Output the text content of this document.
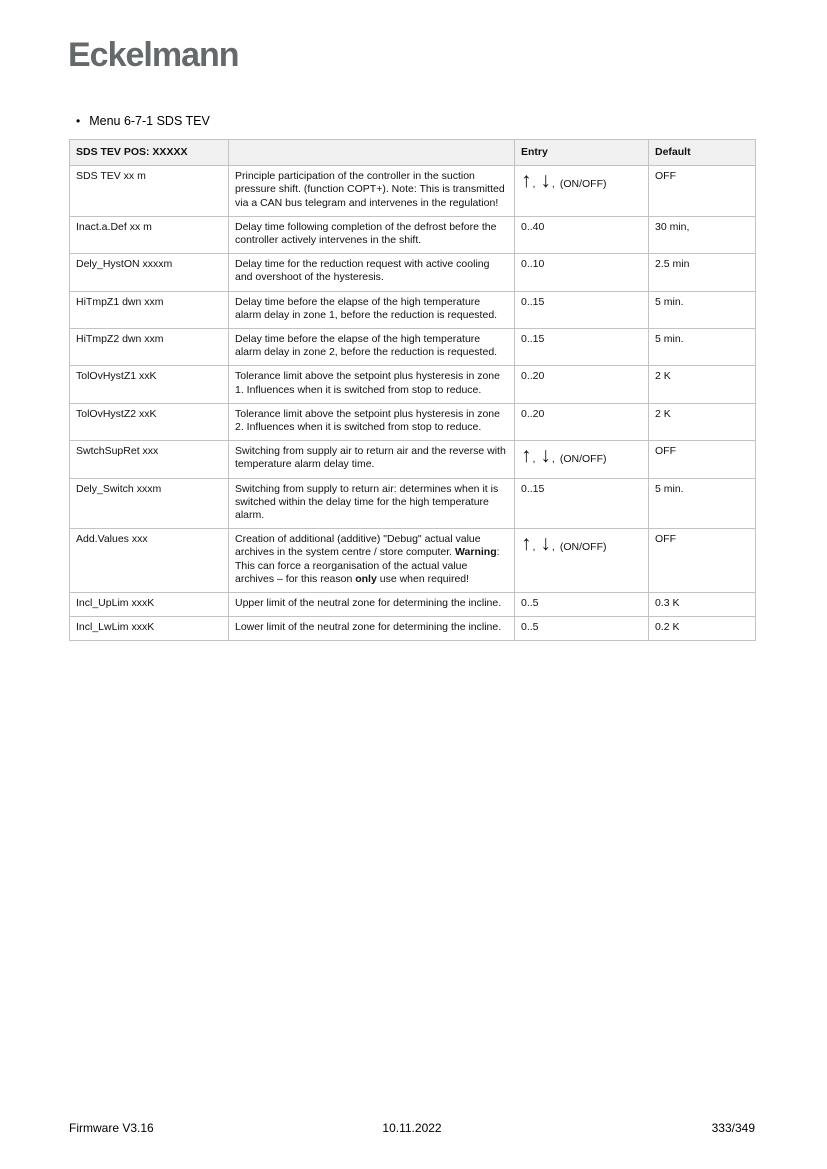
Eckelmann
• Menu 6-7-1 SDS TEV
SDS TEV POS: XXXXX		Entry	Default
SDS TEV xx m	Principle participation of the controller in the suction pressure shift. (function COPT+). Note: This is transmitted via a CAN bus telegram and intervenes in the regulation!	↑, ↓, (ON/OFF)	OFF
Inact.a.Def xx m	Delay time following completion of the defrost before the controller actively intervenes in the shift.	0..40	30 min,
Dely_HystON xxxxm	Delay time for the reduction request with active cooling and overshoot of the hysteresis.	0..10	2.5 min
HiTmpZ1 dwn xxm	Delay time before the elapse of the high temperature alarm delay in zone 1, before the reduction is requested.	0..15	5 min.
HiTmpZ2 dwn xxm	Delay time before the elapse of the high temperature alarm delay in zone 2, before the reduction is requested.	0..15	5 min.
TolOvHystZ1 xxK	Tolerance limit above the setpoint plus hysteresis in zone 1. Influences when it is switched from stop to reduce.	0..20	2 K
TolOvHystZ2 xxK	Tolerance limit above the setpoint plus hysteresis in zone 2. Influences when it is switched from stop to reduce.	0..20	2 K
SwtchSupRet xxx	Switching from supply air to return air and the reverse with temperature alarm delay time.	↑, ↓, (ON/OFF)	OFF
Dely_Switch xxxm	Switching from supply to return air: determines when it is switched within the delay time for the high temperature alarm.	0..15	5 min.
Add.Values xxx	Creation of additional (additive) "Debug" actual value archives in the system centre / store computer. Warning: This can force a reorganisation of the actual value archives – for this reason only use when required!	↑, ↓, (ON/OFF)	OFF
Incl_UpLim xxxK	Upper limit of the neutral zone for determining the incline.	0..5	0.3 K
Incl_LwLim xxxK	Lower limit of the neutral zone for determining the incline.	0..5	0.2 K
Firmware V3.16	10.11.2022	333/349
